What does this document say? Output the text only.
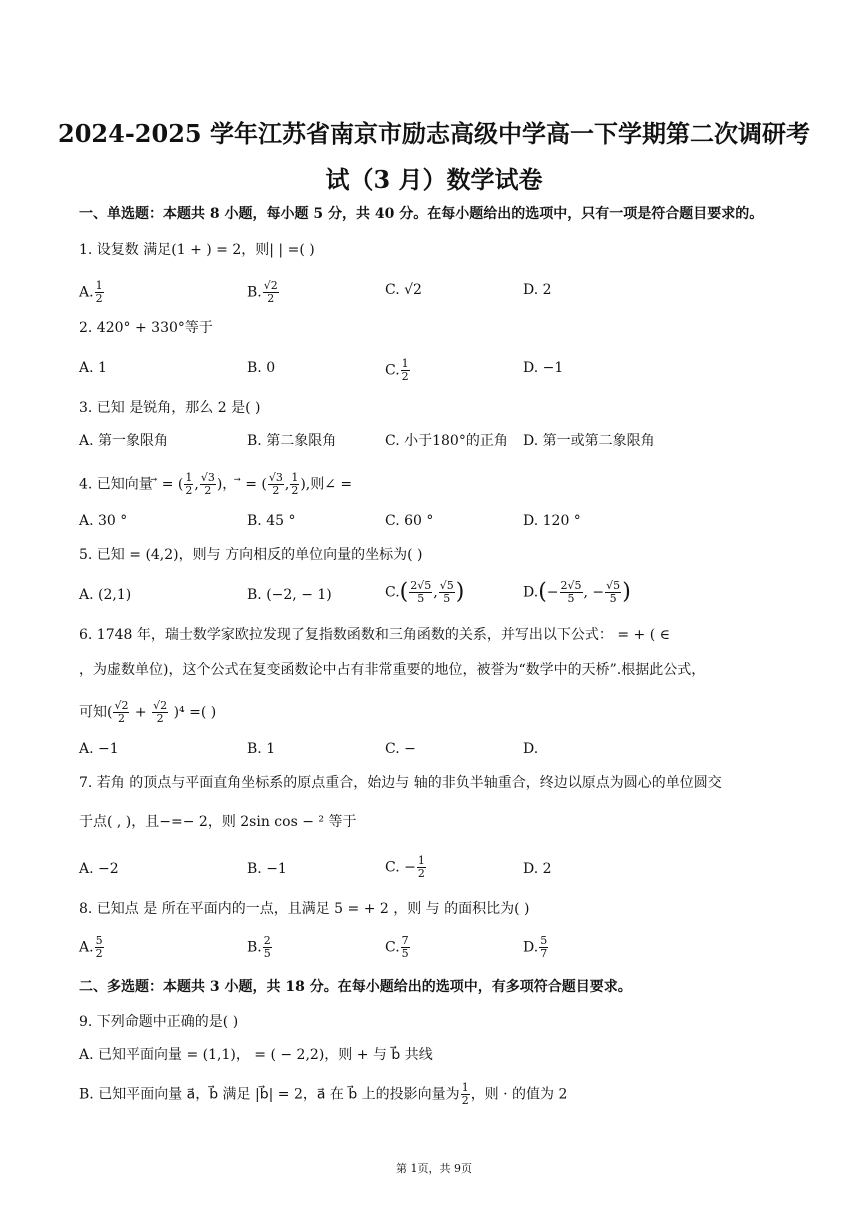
2024-2025 学年江苏省南京市励志高级中学高一下学期第二次调研考
试（3 月）数学试卷
一、单选题：本题共 8 小题，每小题 5 分，共 40 分。在每小题给出的选项中，只有一项是符合题目要求的。
1. 设复数 满足(1 + ) = 2，则| | =( )
A. $\frac{1}{2}$	B. $\frac{√2}{2}$	C. √2	D. 2
2. 420° + 330°等于
A. 1	B. 0	C. $\frac{1}{2}$	D. −1
3. 已知 是锐角，那么 2 是( )
A. 第一象限角	B. 第二象限角	C. 小于180°的正角 D. 第一或第二象限角
4. 已知向量 ⃗ = ( $\frac{1}{2}$ , $\frac{√3}{2}$ )， ⃗ = ( $\frac{√3}{2}$ , $\frac{1}{2}$ ),则∠ =
A. 30 °	B. 45 °	C. 60 °	D. 120 °
5. 已知 = (4,2)，则与 方向相反的单位向量的坐标为( )
A. (2,1)	B. (−2, − 1)	$C.( \frac{2√5}{5}$ , $\frac{√5}{5}$ )	$D.(- \frac{2√5}{5}$ , − $\frac{√5}{5}$ )
6. 1748 年，瑞士数学家欧拉发现了复指数函数和三角函数的关系，并写出以下公式： = + ( ∈
，为虚数单位)，这个公式在复变函数论中占有非常重要的地位，被誉为“数学中的天桥”.根据此公式，
可知( $\frac{√2}{2} + \frac{√2}{2} )^4$ =( )
A. −1	B. 1	C. −	D.
7. 若角 的顶点与平面直角坐标系的原点重合，始边与 轴的非负半轴重合，终边以原点为圆心的单位圆交
于点( , )，且−=− 2，则 2sin cos − ² 等于
A. −2	B. −1	C. − $\frac{1}{2}$	D. 2
8. 已知点 是 所在平面内的一点，且满足 5 = + 2 ，则 与 的面积比为( )
A. $\frac{5}{2}$	B. $\frac{2}{5}$	C. $\frac{7}{5}$	D. $\frac{5}{7}$
二、多选题：本题共 3 小题，共 18 分。在每小题给出的选项中，有多项符合题目要求。
9. 下列命题中正确的是( )
A. 已知平面向量 = (1,1)， = ( − 2,2)，则 + 与 b⃗ 共线
B. 已知平面向量 a⃗，b⃗ 满足 |b⃗| = 2，a⃗ 在 b⃗ 上的投影向量为 $\frac{1}{2}$ ，则 · 的值为 2
第 1页，共 9页
